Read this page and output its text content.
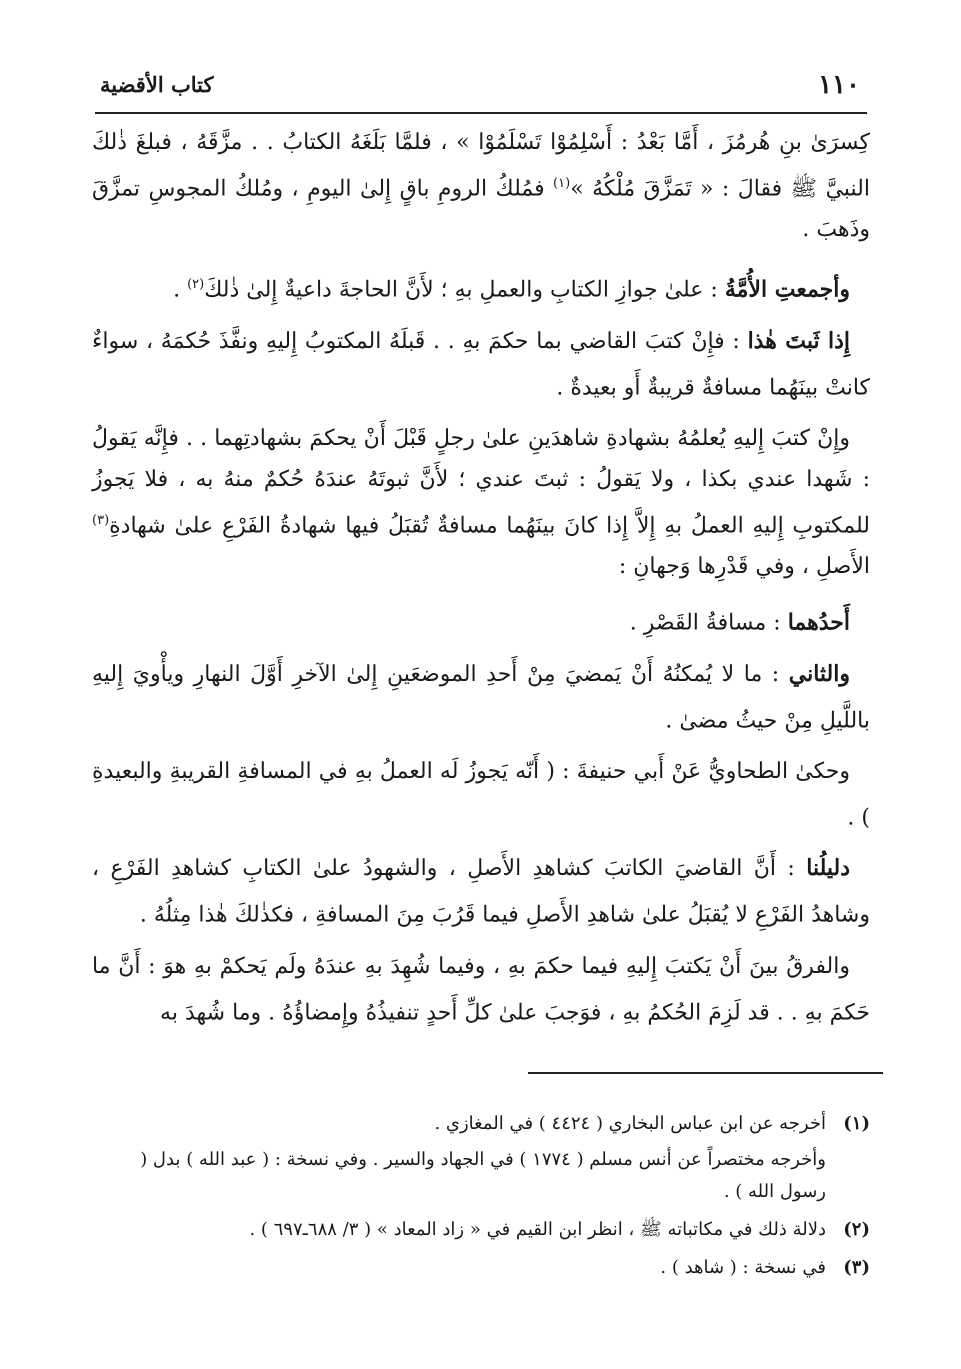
١١٠
كتاب الأقضية

كِسرَىٰ بنِ هُرمُزَ ، أَمَّا بَعْدُ : أَسْلِمُوْا تَسْلَمُوْا » ، فلمَّا بَلَغَهُ الكتابُ . . مزَّقَهُ ، فبلغَ ذٰلكَ النبيَّ ﷺ فقالَ : « تَمَزَّقَ مُلْكُهُ »$^{(١)}$ فمُلكُ الرومِ باقٍ إِلىٰ اليومِ ، ومُلكُ المجوسِ تمزَّقَ وذَهبَ .

وأجمعتِ الأُمَّةُ : علىٰ جوازِ الكتابِ والعملِ بهِ ؛ لأَنَّ الحاجةَ داعيةٌ إِلىٰ ذٰلكَ$^{(٢)}$ .

إِذا ثَبتَ هٰذا : فإِنْ كتبَ القاضي بما حكمَ بهِ . . قَبلَهُ المكتوبُ إِليهِ ونفَّذَ حُكمَهُ ، سواءٌ كانتْ بينَهُما مسافةٌ قريبةٌ أَو بعيدةٌ .

وإِنْ كتبَ إِليهِ يُعلمُهُ بشهادةِ شاهدَينِ علىٰ رجلٍ قَبْلَ أَنْ يحكمَ بشهادتِهما . . فإِنَّه يَقولُ : شَهدا عندي بكذا ، ولا يَقولُ : ثبتَ عندي ؛ لأَنَّ ثبوتَهُ عندَهُ حُكمٌ منهُ به ، فلا يَجوزُ للمكتوبِ إِليهِ العملُ بهِ إِلاَّ إِذا كانَ بينَهُما مسافةٌ تُقبَلُ فيها شهادةُ الفَرْعِ علىٰ شهادةِ$^{(٣)}$ الأَصلِ ، وفي قَدْرِها وَجهانِ :

أَحدُهما : مسافةُ القَصْرِ .

والثاني : ما لا يُمكنُهُ أَنْ يَمضيَ مِنْ أَحدِ الموضعَينِ إِلىٰ الآخرِ أَوَّلَ النهارِ ويأْويَ إِليهِ باللَّيلِ مِنْ حيثُ مضىٰ .

وحكىٰ الطحاويُّ عَنْ أَبي حنيفةَ : ( أَنّه يَجوزُ لَه العملُ بهِ في المسافةِ القريبةِ والبعيدةِ ) .

دليلُنا : أَنَّ القاضيَ الكاتبَ كشاهدِ الأَصلِ ، والشهودُ علىٰ الكتابِ كشاهدِ الفَرْعِ ، وشاهدُ الفَرْعِ لا يُقبَلُ علىٰ شاهدِ الأَصلِ فيما قَرُبَ مِنَ المسافةِ ، فكذٰلكَ هٰذا مِثلُهُ .

والفرقُ بينَ أَنْ يَكتبَ إِليهِ فيما حكمَ بهِ ، وفيما شُهِدَ بهِ عندَهُ ولَم يَحكمْ بهِ هوَ : أَنَّ ما حَكمَ بهِ . . قد لَزِمَ الحُكمُ بهِ ، فوَجبَ علىٰ كلِّ أَحدٍ تنفيذُهُ وإِمضاؤُهُ . وما شُهدَ به

(١)
أخرجه عن ابن عباس البخاري ( ٤٤٢٤ ) في المغازي .
وأخرجه مختصراً عن أنس مسلم ( ١٧٧٤ ) في الجهاد والسير . وفي نسخة : ( عبد الله ) بدل ( رسول الله ) .
(٢)
دلالة ذلك في مكاتباته ﷺ ، انظر ابن القيم في « زاد المعاد » ( ٣/ ٦٨٨ـ٦٩٧ ) .
(٣)
في نسخة : ( شاهد ) .
